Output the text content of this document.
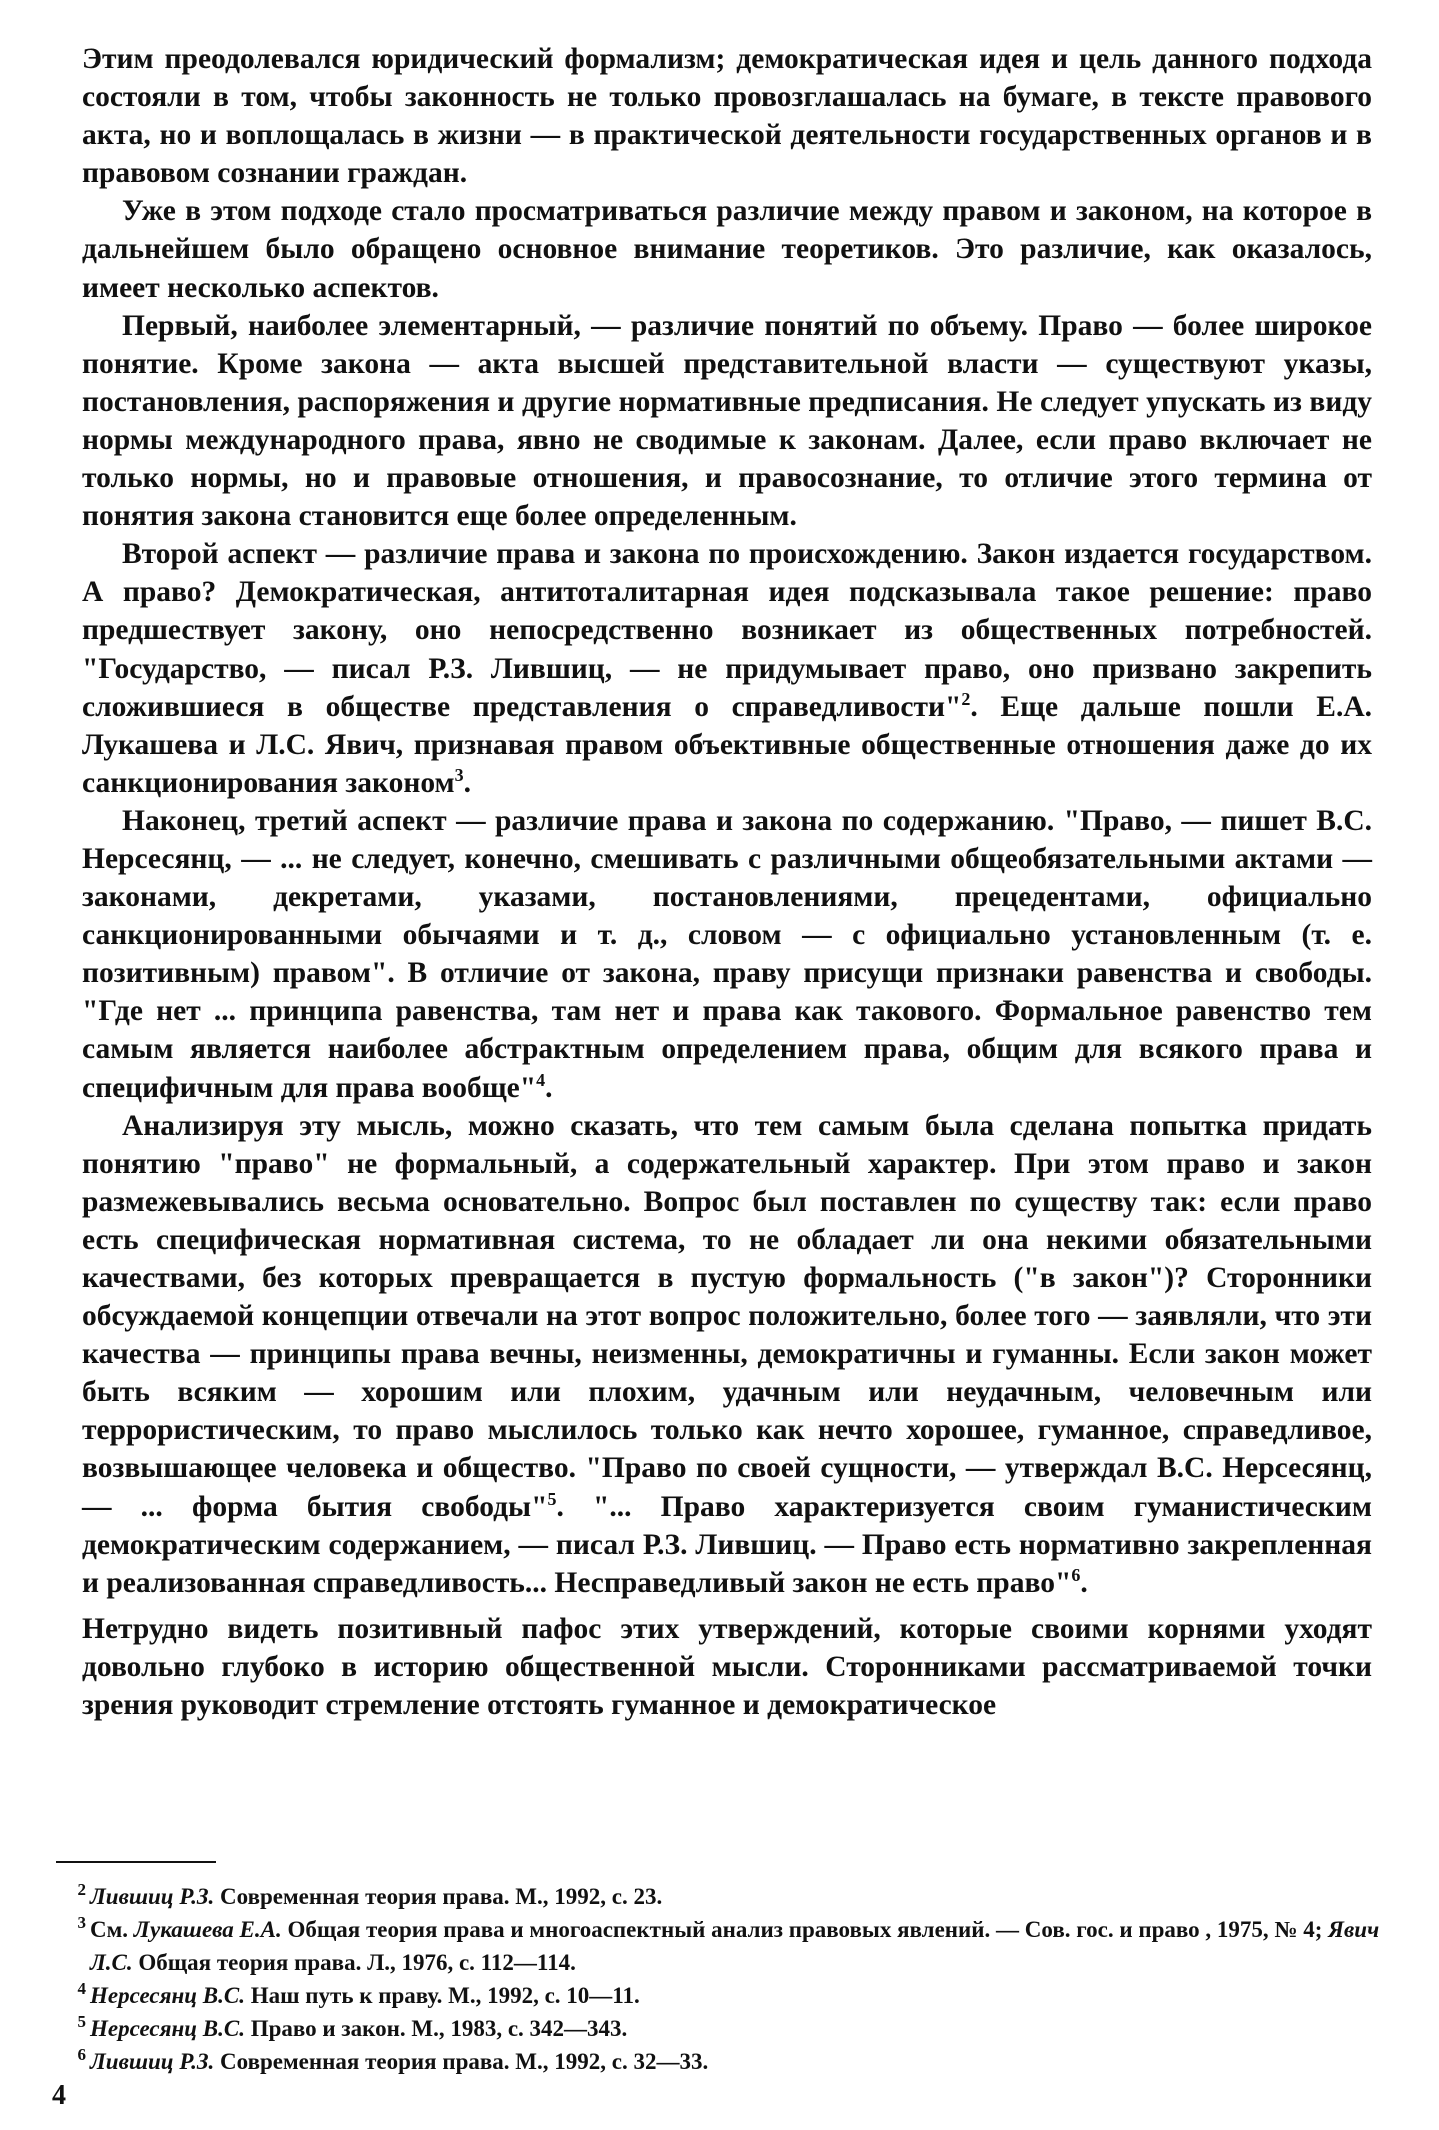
Этим преодолевался юридический формализм; демократическая идея и цель данного подхода состояли в том, чтобы законность не только провозглашалась на бумаге, в тексте правового акта, но и воплощалась в жизни — в практической деятельности государственных органов и в правовом сознании граждан.

Уже в этом подходе стало просматриваться различие между правом и законом, на которое в дальнейшем было обращено основное внимание теоретиков. Это различие, как оказалось, имеет несколько аспектов.

Первый, наиболее элементарный, — различие понятий по объему. Право — более широкое понятие. Кроме закона — акта высшей представительной власти — существуют указы, постановления, распоряжения и другие нормативные предписания. Не следует упускать из виду нормы международного права, явно не сводимые к законам. Далее, если право включает не только нормы, но и правовые отношения, и правосознание, то отличие этого термина от понятия закона становится еще более определенным.

Второй аспект — различие права и закона по происхождению. Закон издается государством. А право? Демократическая, антитоталитарная идея подсказывала такое решение: право предшествует закону, оно непосредственно возникает из общественных потребностей. "Государство, — писал Р.З. Лившиц, — не придумывает право, оно призвано закрепить сложившиеся в обществе представления о справедливости"$^2$. Еще дальше пошли Е.А. Лукашева и Л.С. Явич, признавая правом объективные общественные отношения даже до их санкционирования законом$^3$.

Наконец, третий аспект — различие права и закона по содержанию. "Право, — пишет В.С. Нерсесянц, — ... не следует, конечно, смешивать с различными общеобязательными актами — законами, декретами, указами, постановлениями, прецедентами, официально санкционированными обычаями и т. д., словом — с официально установленным (т. е. позитивным) правом". В отличие от закона, праву присущи признаки равенства и свободы. "Где нет ... принципа равенства, там нет и права как такового. Формальное равенство тем самым является наиболее абстрактным определением права, общим для всякого права и специфичным для права вообще"$^4$.

Анализируя эту мысль, можно сказать, что тем самым была сделана попытка придать понятию "право" не формальный, а содержательный характер. При этом право и закон размежевывались весьма основательно. Вопрос был поставлен по существу так: если право есть специфическая нормативная система, то не обладает ли она некими обязательными качествами, без которых превращается в пустую формальность ("в закон")? Сторонники обсуждаемой концепции отвечали на этот вопрос положительно, более того — заявляли, что эти качества — принципы права вечны, неизменны, демократичны и гуманны. Если закон может быть всяким — хорошим или плохим, удачным или неудачным, человечным или террористическим, то право мыслилось только как нечто хорошее, гуманное, справедливое, возвышающее человека и общество. "Право по своей сущности, — утверждал В.С. Нерсесянц, — ... форма бытия свободы"$^5$. "... Право характеризуется своим гуманистическим демократическим содержанием, — писал Р.З. Лившиц. — Право есть нормативно закрепленная и реализованная справедливость... Несправедливый закон не есть право"$^6$.

Нетрудно видеть позитивный пафос этих утверждений, которые своими корнями уходят довольно глубоко в историю общественной мысли. Сторонниками рассматриваемой точки зрения руководит стремление отстоять гуманное и демократическое

2 Лившиц Р.З. Современная теория права. М., 1992, с. 23.

3 См. Лукашева Е.А. Общая теория права и многоаспектный анализ правовых явлений. — Сов. гос. и право , 1975, № 4; Явич Л.С. Общая теория права. Л., 1976, с. 112—114.

4 Нерсесянц В.С. Наш путь к праву. М., 1992, с. 10—11.

5 Нерсесянц В.С. Право и закон. М., 1983, с. 342—343.

6 Лившиц Р.З. Современная теория права. М., 1992, с. 32—33.

4
